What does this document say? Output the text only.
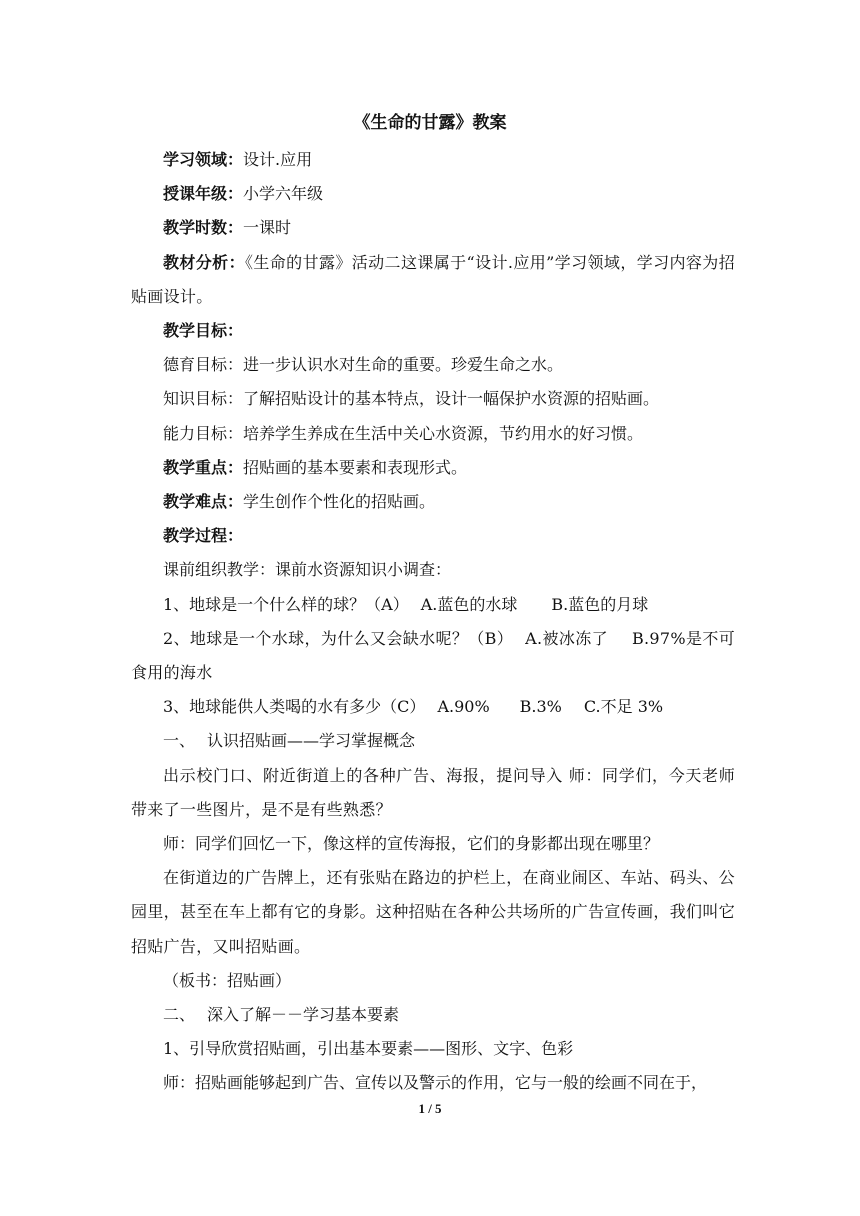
《生命的甘露》教案

学习领域：设计.应用

授课年级：小学六年级

教学时数：一课时

教材分析：《生命的甘露》活动二这课属于“设计.应用”学习领域，学习内容为招贴画设计。

教学目标：

德育目标：进一步认识水对生命的重要。珍爱生命之水。

知识目标：了解招贴设计的基本特点，设计一幅保护水资源的招贴画。

能力目标：培养学生养成在生活中关心水资源，节约用水的好习惯。

教学重点：招贴画的基本要素和表现形式。

教学难点：学生创作个性化的招贴画。

教学过程：

课前组织教学：课前水资源知识小调查：

1、地球是一个什么样的球？（A） A.蓝色的水球 B.蓝色的月球

2、地球是一个水球，为什么又会缺水呢？（B） A.被冰冻了 B.97%是不可食用的海水

3、地球能供人类喝的水有多少（C） A.90% B.3% C.不足 3%

一、 认识招贴画——学习掌握概念

出示校门口、附近街道上的各种广告、海报，提问导入 师：同学们，今天老师带来了一些图片，是不是有些熟悉？

师：同学们回忆一下，像这样的宣传海报，它们的身影都出现在哪里？

在街道边的广告牌上，还有张贴在路边的护栏上，在商业闹区、车站、码头、公园里，甚至在车上都有它的身影。这种招贴在各种公共场所的广告宣传画，我们叫它招贴广告，又叫招贴画。

（板书：招贴画）

二、 深入了解－－学习基本要素

1、引导欣赏招贴画，引出基本要素——图形、文字、色彩

师：招贴画能够起到广告、宣传以及警示的作用，它与一般的绘画不同在于，

1 / 5
